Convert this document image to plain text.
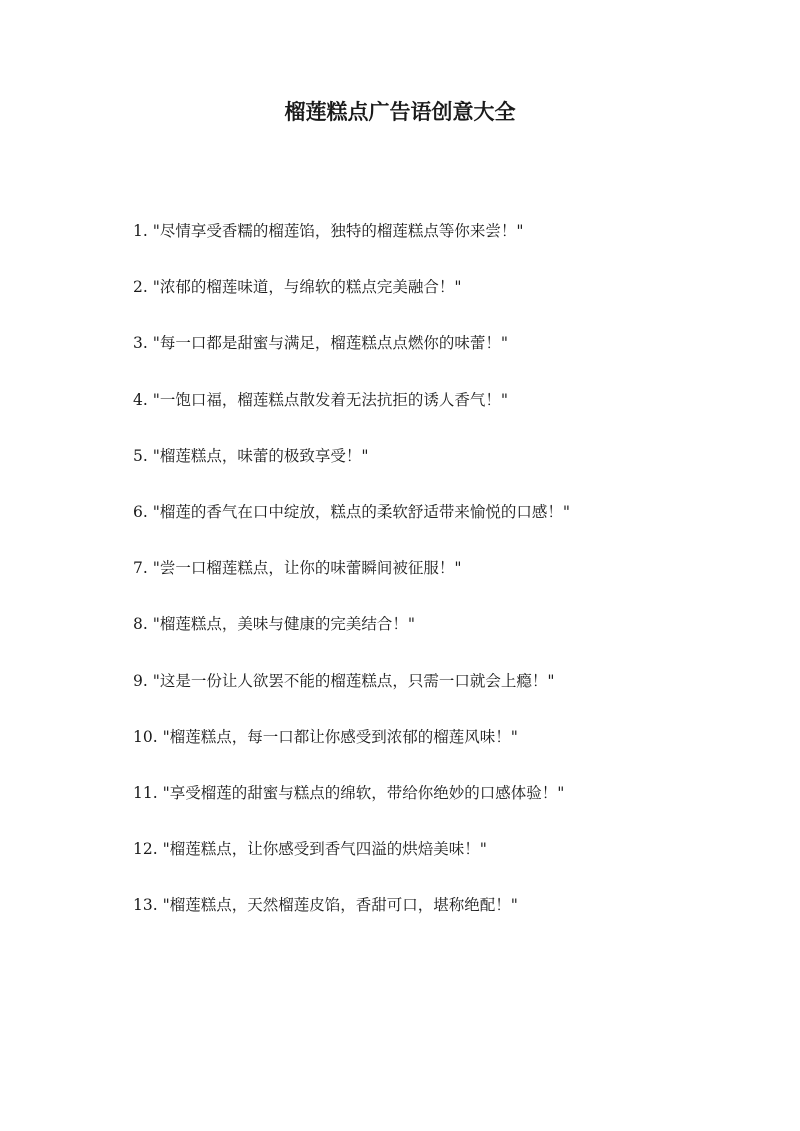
榴莲糕点广告语创意大全
1. "尽情享受香糯的榴莲馅，独特的榴莲糕点等你来尝！"
2. "浓郁的榴莲味道，与绵软的糕点完美融合！"
3. "每一口都是甜蜜与满足，榴莲糕点点燃你的味蕾！"
4. "一饱口福，榴莲糕点散发着无法抗拒的诱人香气！"
5. "榴莲糕点，味蕾的极致享受！"
6. "榴莲的香气在口中绽放，糕点的柔软舒适带来愉悦的口感！"
7. "尝一口榴莲糕点，让你的味蕾瞬间被征服！"
8. "榴莲糕点，美味与健康的完美结合！"
9. "这是一份让人欲罢不能的榴莲糕点，只需一口就会上瘾！"
10. "榴莲糕点，每一口都让你感受到浓郁的榴莲风味！"
11. "享受榴莲的甜蜜与糕点的绵软，带给你绝妙的口感体验！"
12. "榴莲糕点，让你感受到香气四溢的烘焙美味！"
13. "榴莲糕点，天然榴莲皮馅，香甜可口，堪称绝配！"
